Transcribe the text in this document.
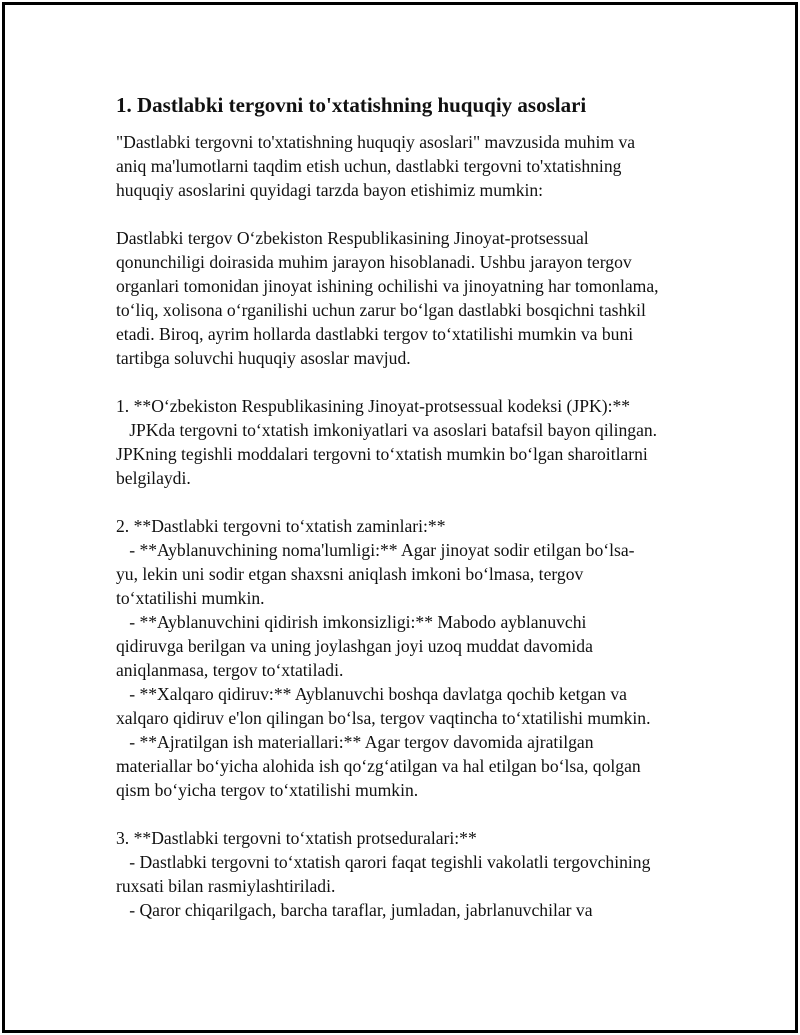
1. Dastlabki tergovni to'xtatishning huquqiy asoslari
"Dastlabki tergovni to'xtatishning huquqiy asoslari" mavzusida muhim va
aniq ma'lumotlarni taqdim etish uchun, dastlabki tergovni to'xtatishning
huquqiy asoslarini quyidagi tarzda bayon etishimiz mumkin:
Dastlabki tergov O‘zbekiston Respublikasining Jinoyat-protsessual
qonunchiligi doirasida muhim jarayon hisoblanadi. Ushbu jarayon tergov
organlari tomonidan jinoyat ishining ochilishi va jinoyatning har tomonlama,
to‘liq, xolisona o‘rganilishi uchun zarur bo‘lgan dastlabki bosqichni tashkil
etadi. Biroq, ayrim hollarda dastlabki tergov to‘xtatilishi mumkin va buni
tartibga soluvchi huquqiy asoslar mavjud.
1. **O‘zbekiston Respublikasining Jinoyat-protsessual kodeksi (JPK):**
JPKda tergovni to‘xtatish imkoniyatlari va asoslari batafsil bayon qilingan.
JPKning tegishli moddalari tergovni to‘xtatish mumkin bo‘lgan sharoitlarni
belgilaydi.
2. **Dastlabki tergovni to‘xtatish zaminlari:**
- **Ayblanuvchining noma'lumligi:** Agar jinoyat sodir etilgan bo‘lsa-
yu, lekin uni sodir etgan shaxsni aniqlash imkoni bo‘lmasa, tergov
to‘xtatilishi mumkin.
- **Ayblanuvchini qidirish imkonsizligi:** Mabodo ayblanuvchi
qidiruvga berilgan va uning joylashgan joyi uzoq muddat davomida
aniqlanmasa, tergov to‘xtatiladi.
- **Xalqaro qidiruv:** Ayblanuvchi boshqa davlatga qochib ketgan va
xalqaro qidiruv e'lon qilingan bo‘lsa, tergov vaqtincha to‘xtatilishi mumkin.
- **Ajratilgan ish materiallari:** Agar tergov davomida ajratilgan
materiallar bo‘yicha alohida ish qo‘zg‘atilgan va hal etilgan bo‘lsa, qolgan
qism bo‘yicha tergov to‘xtatilishi mumkin.
3. **Dastlabki tergovni to‘xtatish protseduralari:**
- Dastlabki tergovni to‘xtatish qarori faqat tegishli vakolatli tergovchining
ruxsati bilan rasmiylashtiriladi.
- Qaror chiqarilgach, barcha taraflar, jumladan, jabrlanuvchilar va
